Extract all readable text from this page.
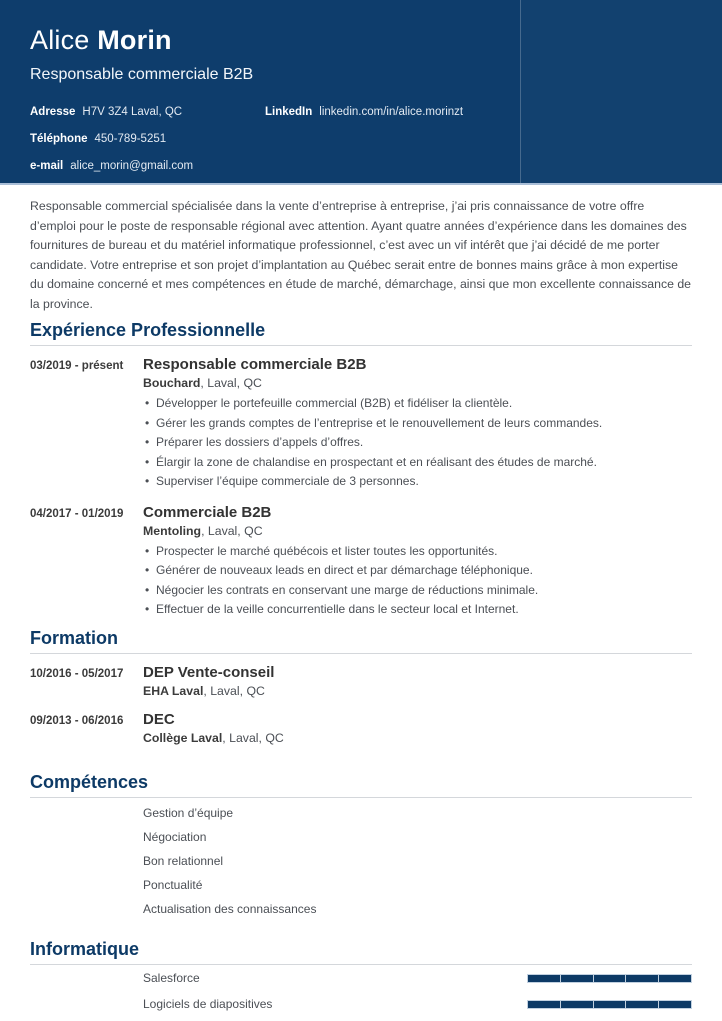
Alice Morin
Responsable commerciale B2B
Adresse H7V 3Z4 Laval, QC
Téléphone 450-789-5251
e-mail alice_morin@gmail.com
LinkedIn linkedin.com/in/alice.morinzt

Responsable commercial spécialisée dans la vente d’entreprise à entreprise, j’ai pris connaissance de votre offre d’emploi pour le poste de responsable régional avec attention. Ayant quatre années d’expérience dans les domaines des fournitures de bureau et du matériel informatique professionnel, c’est avec un vif intérêt que j’ai décidé de me porter candidate. Votre entreprise et son projet d’implantation au Québec serait entre de bonnes mains grâce à mon expertise du domaine concerné et mes compétences en étude de marché, démarchage, ainsi que mon excellente connaissance de la province.

Expérience Professionnelle
03/2019 - présent	Responsable commerciale B2B
Bouchard, Laval, QC
• Développer le portefeuille commercial (B2B) et fidéliser la clientèle.
• Gérer les grands comptes de l’entreprise et le renouvellement de leurs commandes.
• Préparer les dossiers d’appels d’offres.
• Élargir la zone de chalandise en prospectant et en réalisant des études de marché.
• Superviser l’équipe commerciale de 3 personnes.
04/2017 - 01/2019	Commerciale B2B
Mentoling, Laval, QC
• Prospecter le marché québécois et lister toutes les opportunités.
• Générer de nouveaux leads en direct et par démarchage téléphonique.
• Négocier les contrats en conservant une marge de réductions minimale.
• Effectuer de la veille concurrentielle dans le secteur local et Internet.
Formation
10/2016 - 05/2017	DEP Vente-conseil
EHA Laval, Laval, QC
09/2013 - 06/2016	DEC
Collège Laval, Laval, QC
Compétences
Gestion d’équipe
Négociation
Bon relationnel
Ponctualité
Actualisation des connaissances
Informatique
Salesforce
Logiciels de diapositives
